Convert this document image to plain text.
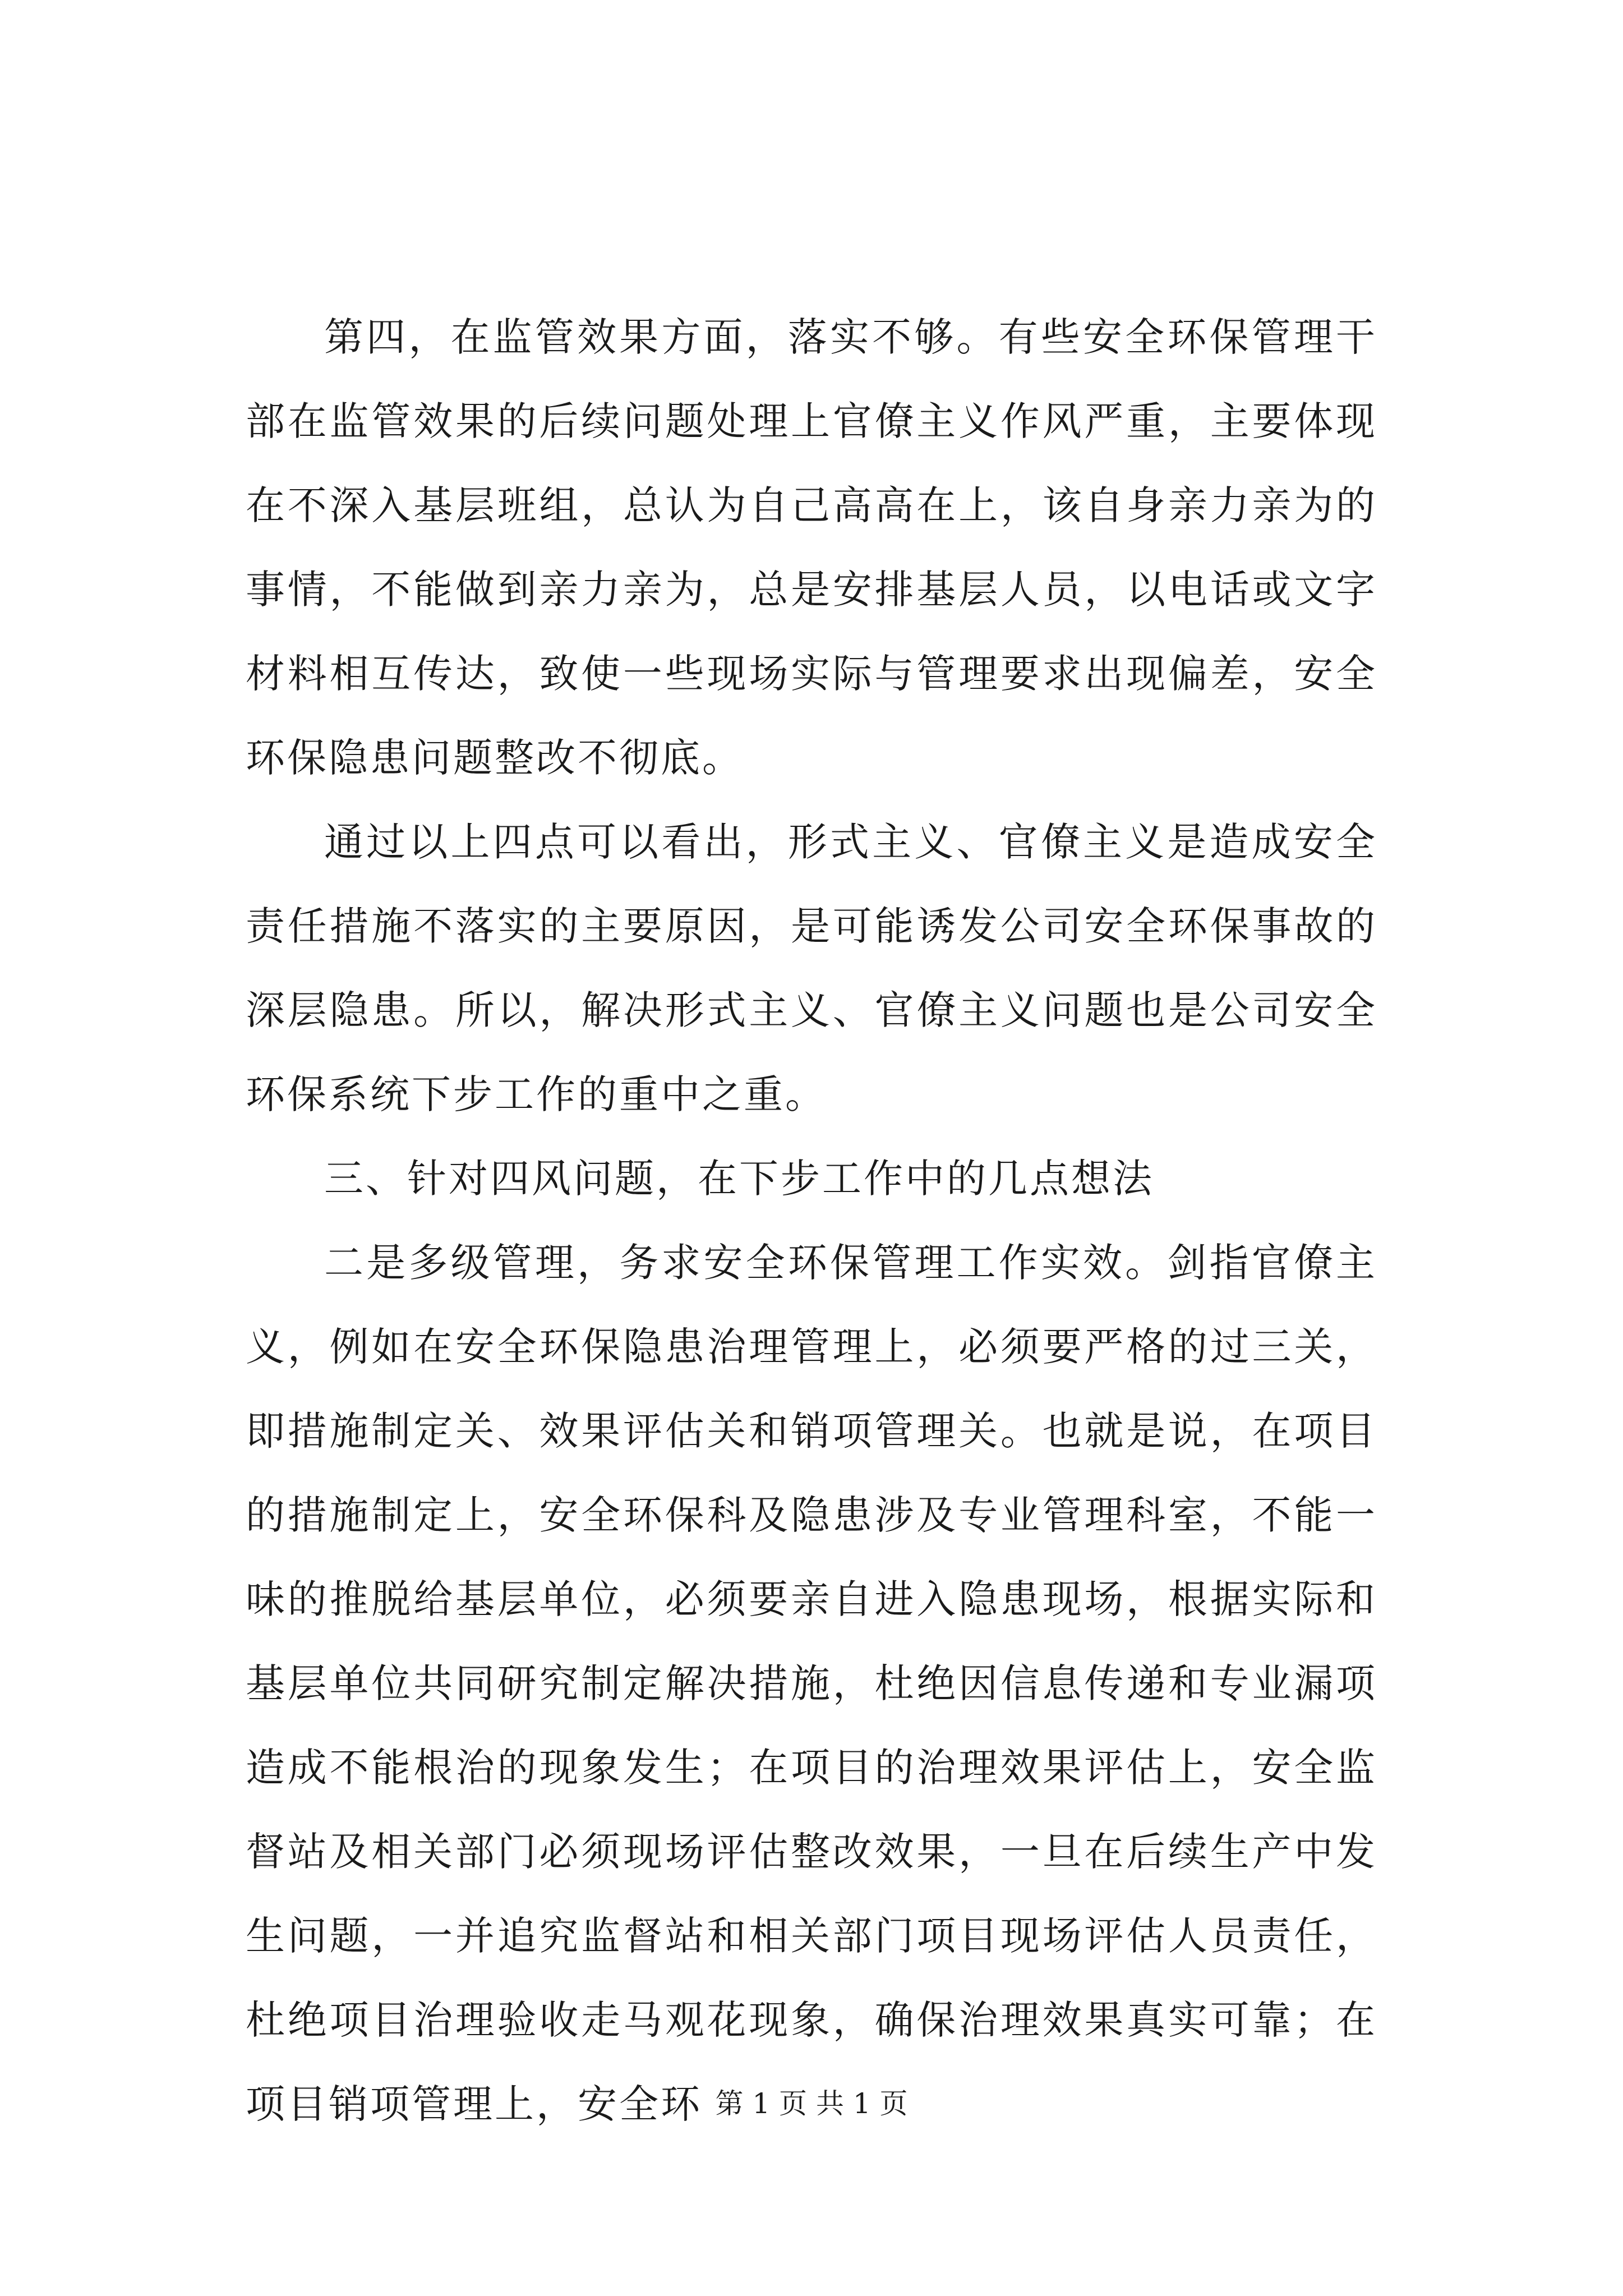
第四，在监管效果方面，落实不够。有些安全环保管理干部在监管效果的后续问题处理上官僚主义作风严重，主要体现在不深入基层班组，总认为自己高高在上，该自身亲力亲为的事情，不能做到亲力亲为，总是安排基层人员，以电话或文字材料相互传达，致使一些现场实际与管理要求出现偏差，安全环保隐患问题整改不彻底。

通过以上四点可以看出，形式主义、官僚主义是造成安全责任措施不落实的主要原因，是可能诱发公司安全环保事故的深层隐患。所以，解决形式主义、官僚主义问题也是公司安全环保系统下步工作的重中之重。

三、针对四风问题，在下步工作中的几点想法

二是多级管理，务求安全环保管理工作实效。剑指官僚主义，例如在安全环保隐患治理管理上，必须要严格的过三关，即措施制定关、效果评估关和销项管理关。也就是说，在项目的措施制定上，安全环保科及隐患涉及专业管理科室，不能一味的推脱给基层单位，必须要亲自进入隐患现场，根据实际和基层单位共同研究制定解决措施，杜绝因信息传递和专业漏项造成不能根治的现象发生；在项目的治理效果评估上，安全监督站及相关部门必须现场评估整改效果，一旦在后续生产中发生问题，一并追究监督站和相关部门项目现场评估人员责任，杜绝项目治理验收走马观花现象，确保治理效果真实可靠；在项目销项管理上，安全环 第 1 页 共 1 页
